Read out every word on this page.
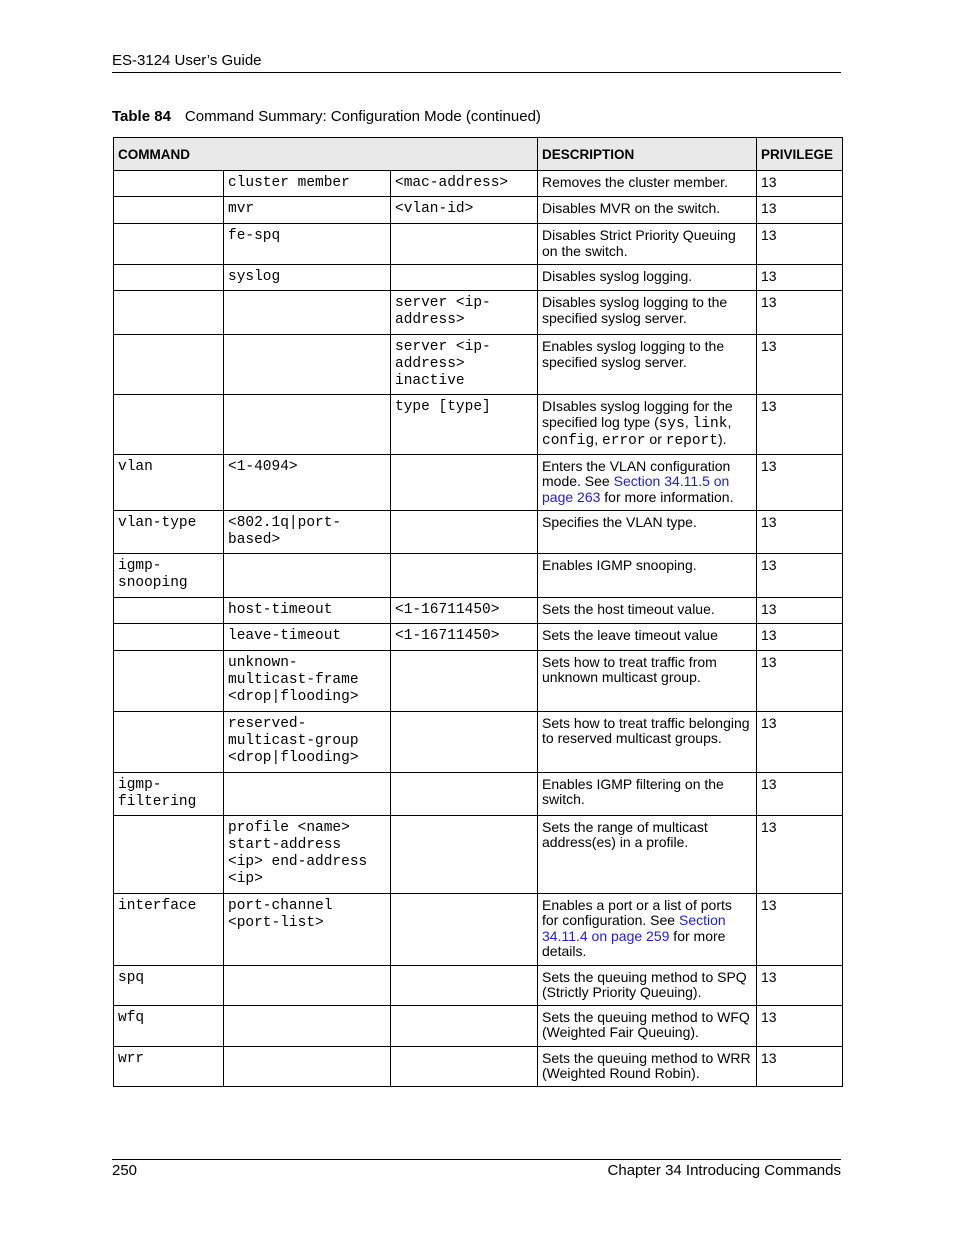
ES-3124 User’s Guide
Table 84 Command Summary: Configuration Mode (continued)
COMMAND			DESCRIPTION	PRIVILEGE
	cluster member	<mac-address>	Removes the cluster member.	13
	mvr	<vlan-id>	Disables MVR on the switch.	13
	fe-spq		Disables Strict Priority Queuing on the switch.	13
	syslog		Disables syslog logging.	13
		server <ip-
address>	Disables syslog logging to the specified syslog server.	13
		server <ip-
address>
inactive	Enables syslog logging to the specified syslog server.	13
		type [type]	DIsables syslog logging for the specified log type (sys, link,
config, error or report).	13
vlan	<1-4094>		Enters the VLAN configuration mode. See Section 34.11.5 on page 263 for more information.	13
vlan-type	<802.1q|port-
based>		Specifies the VLAN type.	13
igmp-
snooping			Enables IGMP snooping.	13
	host-timeout	<1-16711450>	Sets the host timeout value.	13
	leave-timeout	<1-16711450>	Sets the leave timeout value	13
	unknown-
multicast-frame
<drop|flooding>		Sets how to treat traffic from unknown multicast group.	13
	reserved-
multicast-group
<drop|flooding>		Sets how to treat traffic belonging to reserved multicast groups.	13
igmp-
filtering			Enables IGMP filtering on the switch.	13
	profile <name>
start-address
<ip> end-address
<ip>		Sets the range of multicast address(es) in a profile.	13
interface	port-channel
<port-list>		Enables a port or a list of ports for configuration. See Section 34.11.4 on page 259 for more details.	13
spq			Sets the queuing method to SPQ (Strictly Priority Queuing).	13
wfq			Sets the queuing method to WFQ (Weighted Fair Queuing).	13
wrr			Sets the queuing method to WRR (Weighted Round Robin).	13
250	Chapter 34 Introducing Commands
